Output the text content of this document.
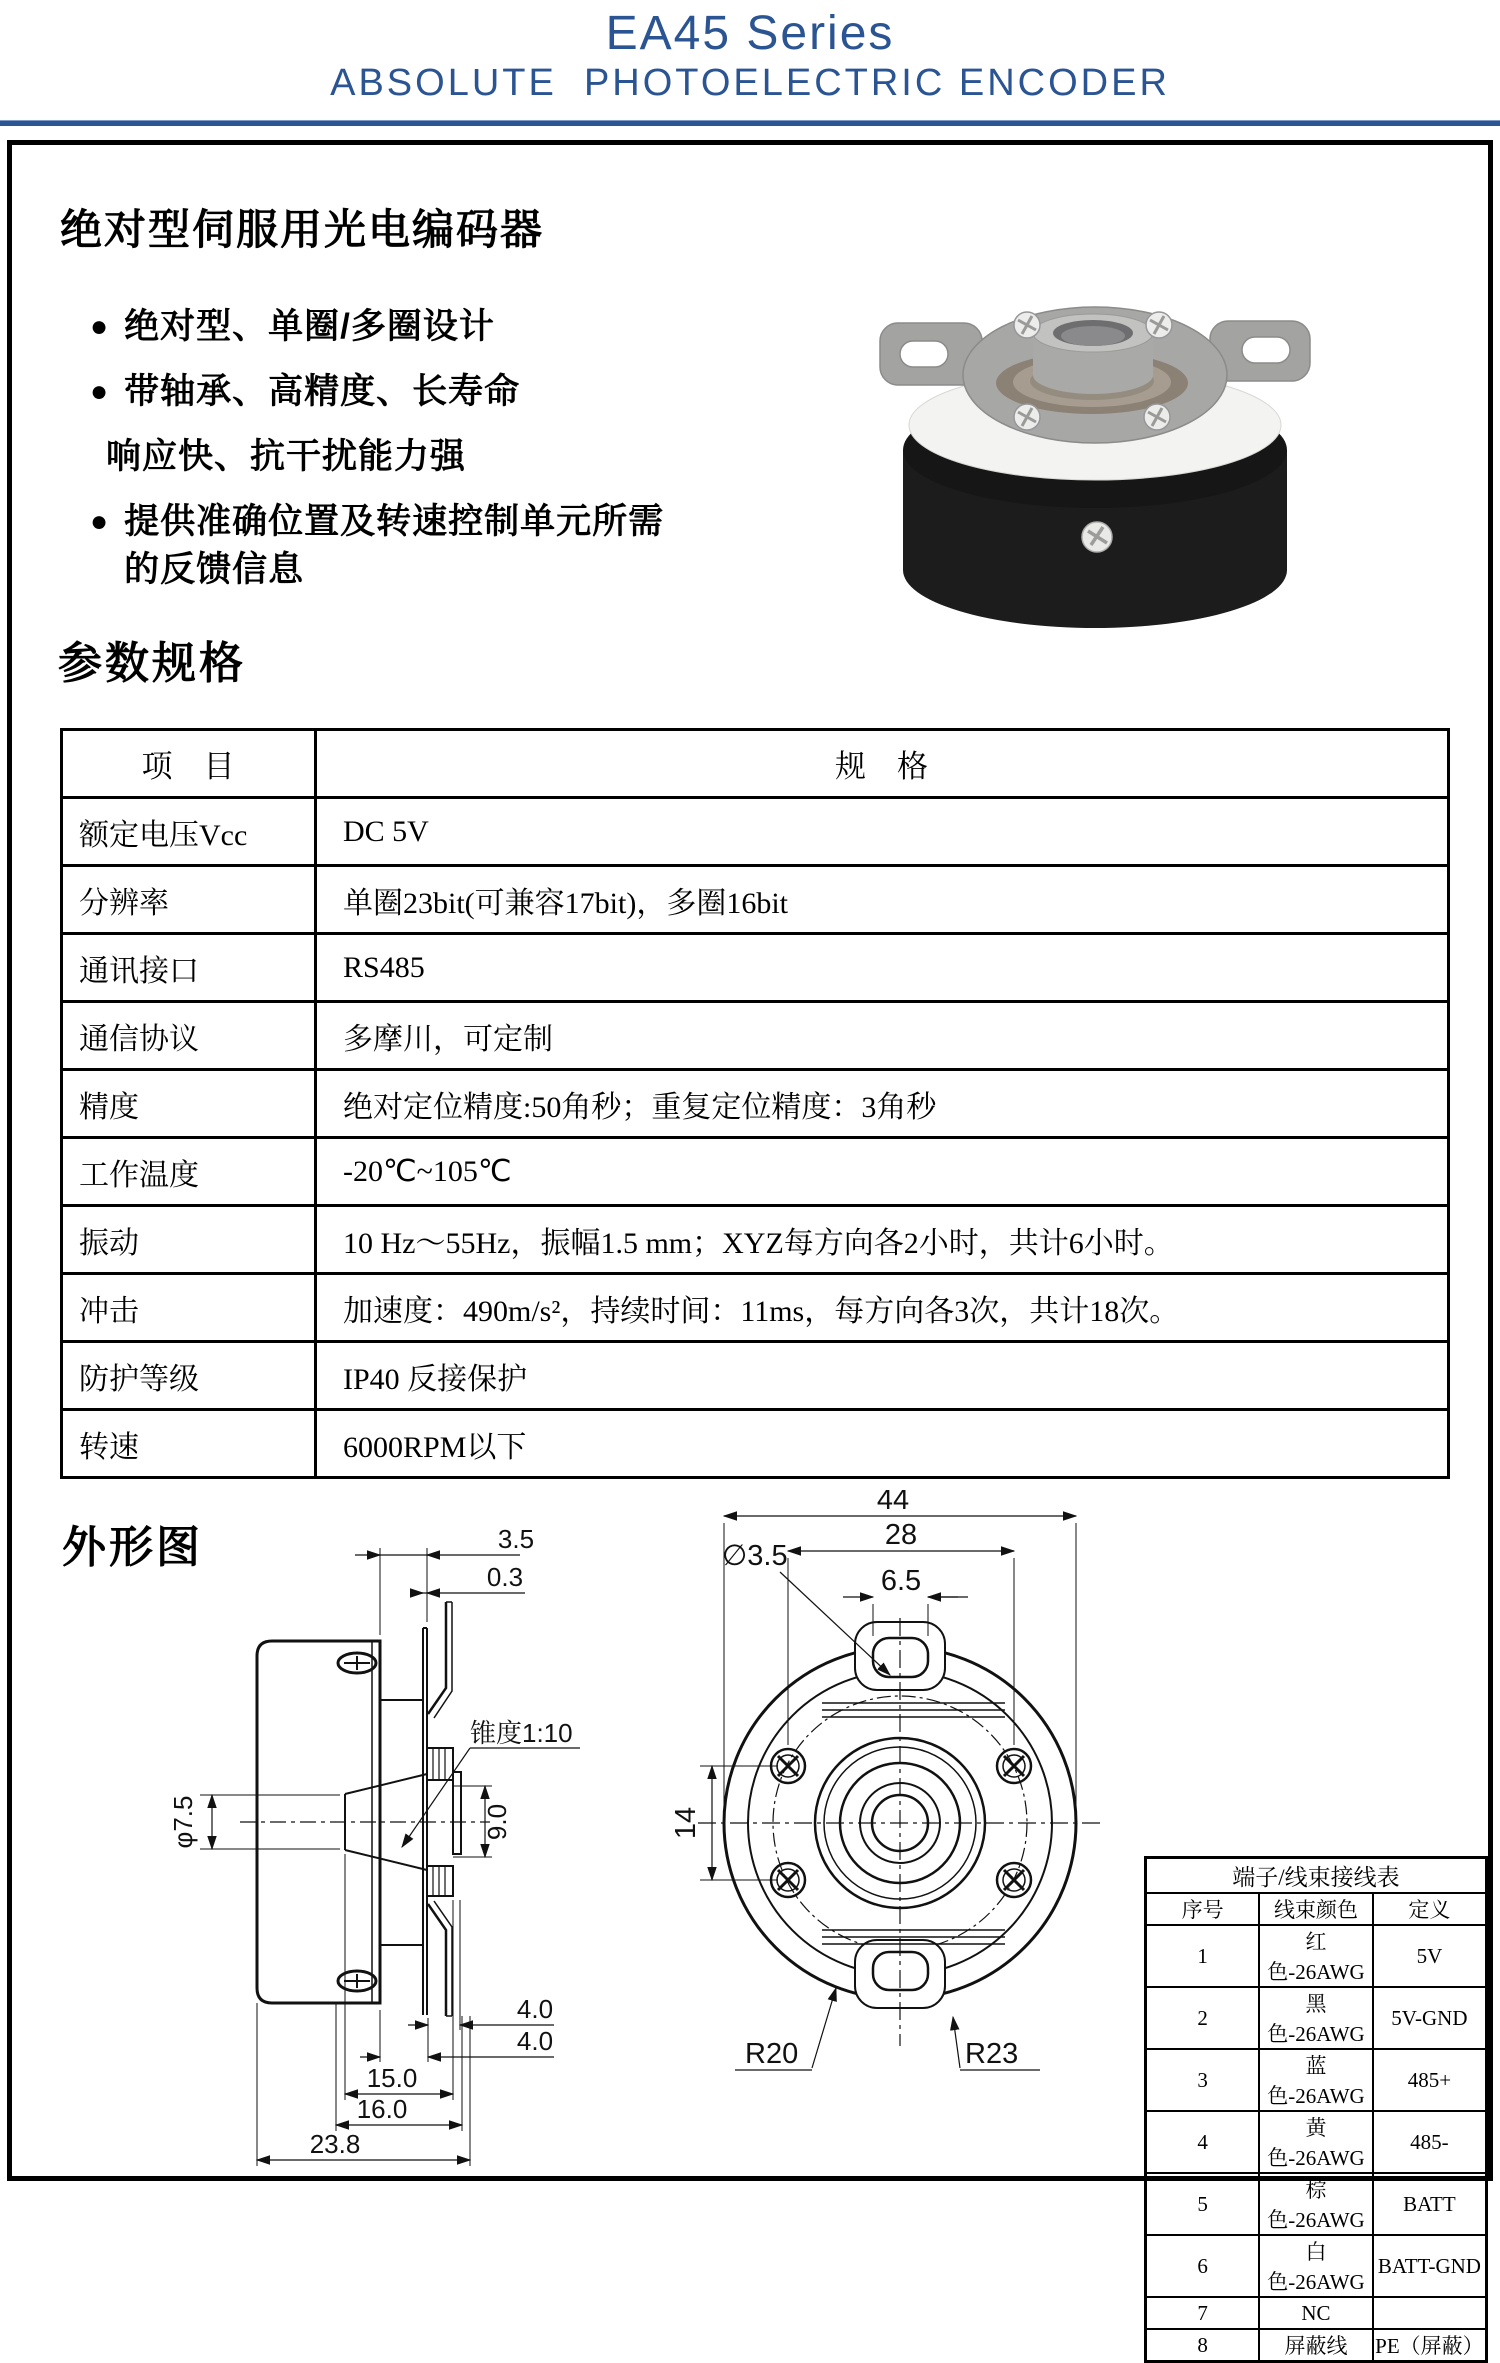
EA45 Series
ABSOLUTE  PHOTOELECTRIC ENCODER
绝对型伺服用光电编码器
● 绝对型、单圈/多圈设计
● 带轴承、高精度、长寿命
响应快、抗干扰能力强
● 提供准确位置及转速控制单元所需的反馈信息
参数规格
项　目	规　格
额定电压Vcc	DC 5V
分辨率	单圈23bit(可兼容17bit)，多圈16bit
通讯接口	RS485
通信协议	多摩川，可定制
精度	绝对定位精度:50角秒；重复定位精度：3角秒
工作温度	-20℃~105℃
振动	10 Hz～55Hz，振幅1.5 mm；XYZ每方向各2小时，共计6小时。
冲击	加速度：490m/s²，持续时间：11ms，每方向各3次，共计18次。
防护等级	IP40 反接保护
转速	6000RPM以下
外形图	3.5
0.3
锥度1:10
φ7.5	9.0
4.0
4.0
15.0
16.0
23.8
44
28
6.5
∅3.5
14
R20	R23
端子/线束接线表		
序号	线束颜色	定义
1	红色-26AWG	5V
2	黑色-26AWG	5V-GND
3	蓝色-26AWG	485+
4	黄色-26AWG	485-
5	棕色-26AWG	BATT
6	白色-26AWG	BATT-GND
7	NC	
8	屏蔽线	PE（屏蔽）
